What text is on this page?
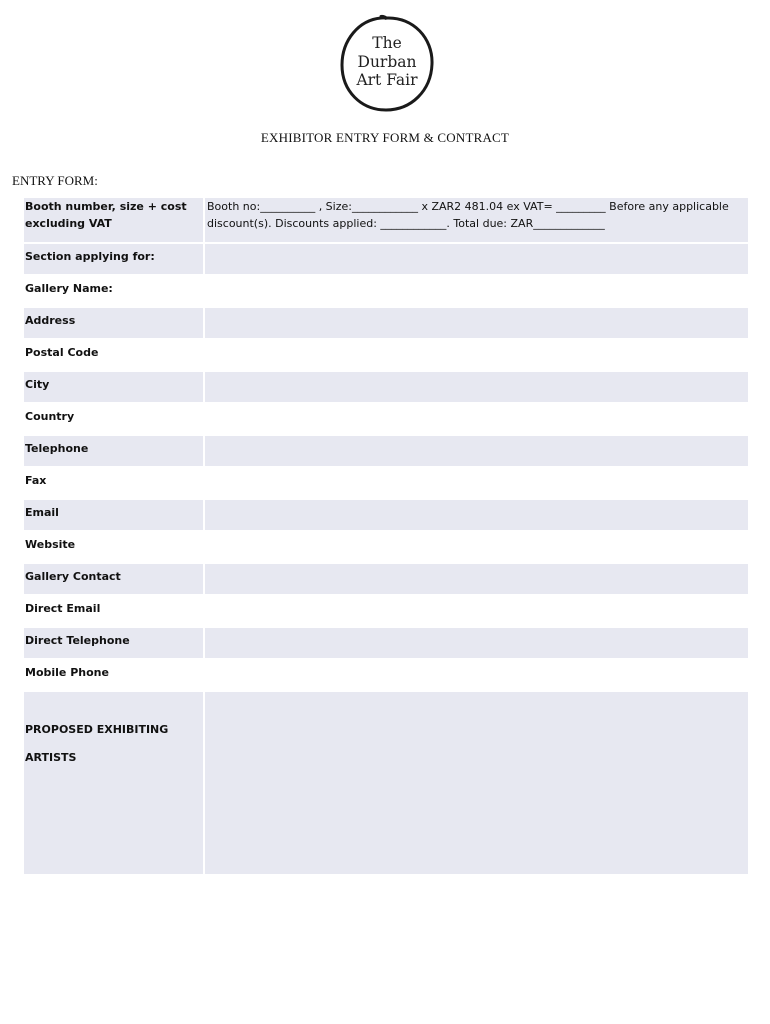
The
Durban
Art Fair
EXHIBITOR ENTRY FORM & CONTRACT
ENTRY FORM:
Booth number, size + cost excluding VAT	Booth no:__________ , Size:____________ x ZAR2 481.04 ex VAT= _________ Before any applicable discount(s). Discounts applied: ____________. Total due: ZAR_____________
Section applying for:	
Gallery Name:	
Address	
Postal Code	
City	
Country	
Telephone	
Fax	
Email	
Website	
Gallery Contact	
Direct Email	
Direct Telephone	
Mobile Phone	

PROPOSED EXHIBITING
ARTISTS	
